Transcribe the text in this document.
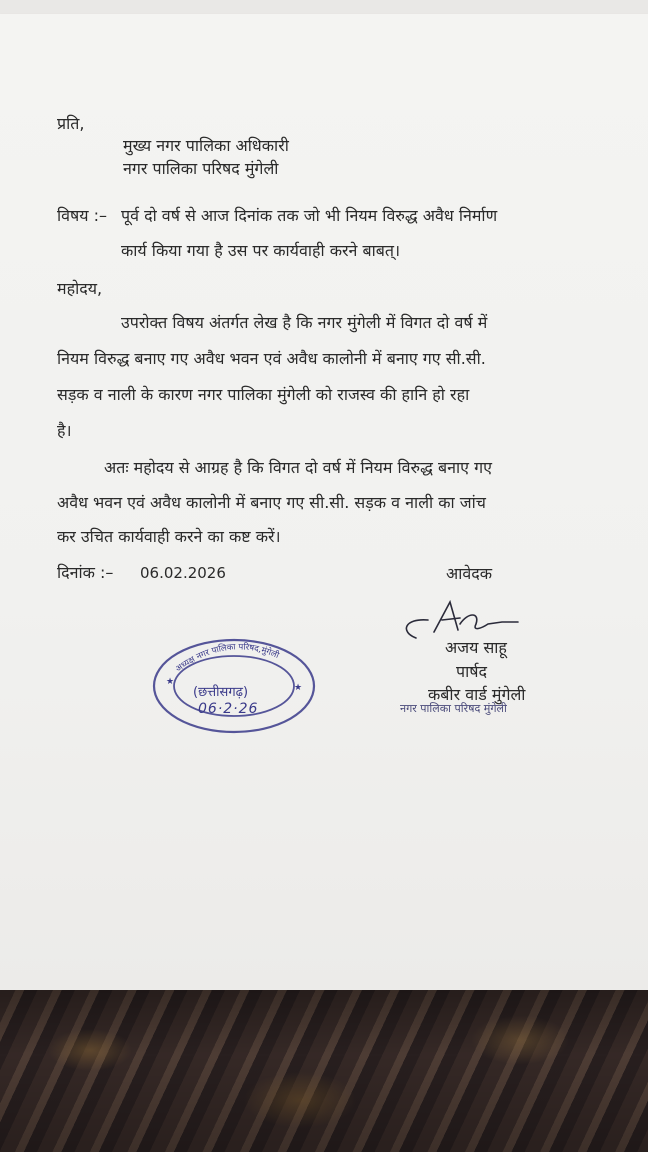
प्रति,
मुख्य नगर पालिका अधिकारी
नगर पालिका परिषद मुंगेली
विषय :– पूर्व दो वर्ष से आज दिनांक तक जो भी नियम विरुद्ध अवैध निर्माण
कार्य किया गया है उस पर कार्यवाही करने बाबत्।
महोदय,
उपरोक्त विषय अंतर्गत लेख है कि नगर मुंगेली में विगत दो वर्ष में
नियम विरुद्ध बनाए गए अवैध भवन एवं अवैध कालोनी में बनाए गए सी.सी.
सड़क व नाली के कारण नगर पालिका मुंगेली को राजस्व की हानि हो रहा
है।
अतः महोदय से आग्रह है कि विगत दो वर्ष में नियम विरुद्ध बनाए गए
अवैध भवन एवं अवैध कालोनी में बनाए गए सी.सी. सड़क व नाली का जांच
कर उचित कार्यवाही करने का कष्ट करें।
दिनांक :– 06.02.2026	आवेदक
अजय साहू
पार्षद
कबीर वार्ड मुंगेली
नगर पालिका परिषद मुंगेली
★
★
अध्यक्ष नगर पालिका परिषद,मुंगेली
(छत्तीसगढ़)
06·2·26
